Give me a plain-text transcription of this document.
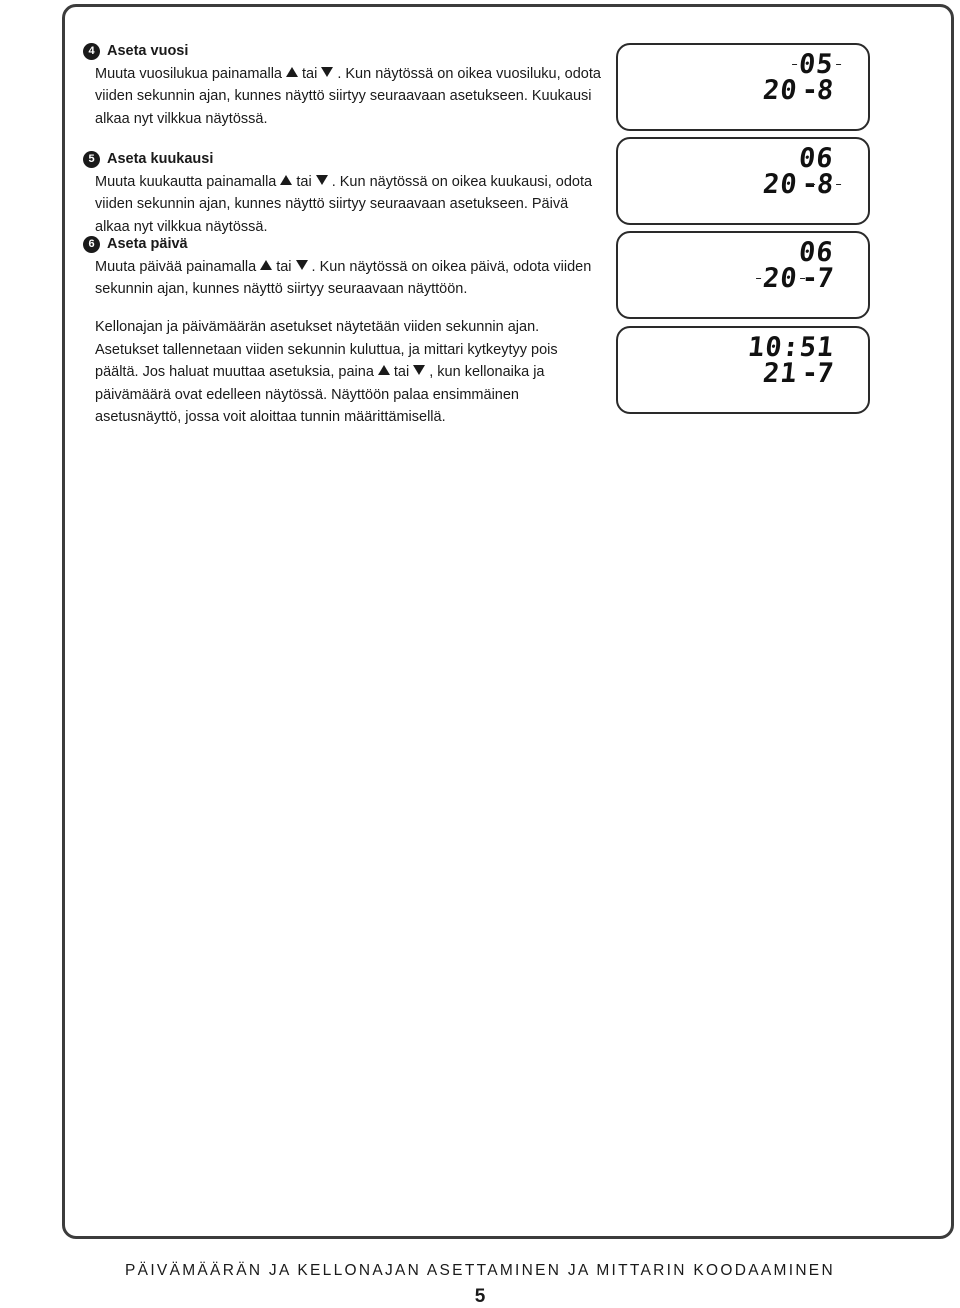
4 Aseta vuosi

Muuta vuosilukua painamalla tai . Kun näytössä on oikea vuosiluku, odota viiden sekunnin ajan, kunnes näyttö siirtyy seuraavaan asetukseen. Kuukausi alkaa nyt vilkkua näytössä.

5 Aseta kuukausi

Muuta kuukautta painamalla tai . Kun näytössä on oikea kuukausi, odota viiden sekunnin ajan, kunnes näyttö siirtyy seuraavaan asetukseen. Päivä alkaa nyt vilkkua näytössä.

6 Aseta päivä

Muuta päivää painamalla tai . Kun näytössä on oikea päivä, odota viiden sekunnin ajan, kunnes näyttö siirtyy seuraavaan näyttöön.

Kellonajan ja päivämäärän asetukset näytetään viiden sekunnin ajan. Asetukset tallennetaan viiden sekunnin kuluttua, ja mittari kytkeytyy pois päältä. Jos haluat muuttaa asetuksia, paina tai , kun kellonaika ja päivämäärä ovat edelleen näytössä. Näyttöön palaa ensimmäinen asetusnäyttö, jossa voit aloittaa tunnin määrittämisellä.

05
20 -
8
06
20 -
8
06
20 -
7
10:51
21 -
7
PÄIVÄMÄÄRÄN JA KELLONAJAN ASETTAMINEN JA MITTARIN KOODAAMINEN
5
